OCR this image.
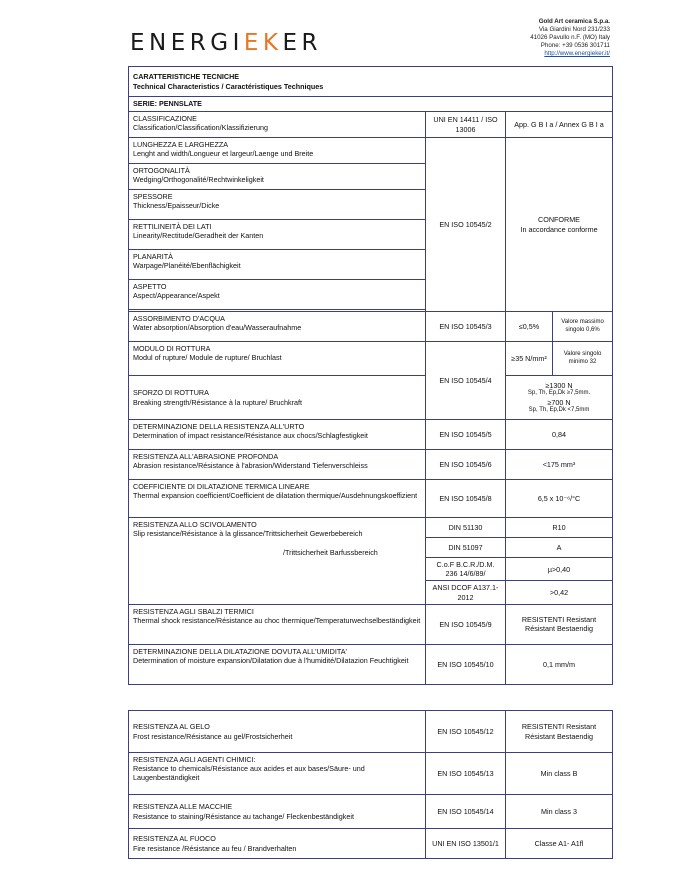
ENERGIEKER
Gold Art ceramica S.p.a.
Via Giardini Nord 231/233
41026 Pavullo n.F. (MO) Italy
Phone: +39 0536 301711
http://www.energieker.it/
CARATTERISTICHE TECNICHE
Technical Characteristics / Caractéristiques Techniques			

SERIE: PENNSLATE			

CLASSIFICAZIONE
Classification/Classification/Klassifizierung	UNI EN 14411 / ISO 13006	App. G B I a / Annex G B I a	

LUNGHEZZA E LARGHEZZA
Lenght and width/Longueur et largeur/Laenge und Breite	EN ISO 10545/2	CONFORME
In accordance conforme	

ORTOGONALITÀ
Wedging/Orthogonalité/Rechtwinkeligkeit			

SPESSORE
Thickness/Epaisseur/Dicke			

RETTILINEITÀ DEI LATI
Linearity/Rectitude/Geradheit der Kanten			

PLANARITÀ
Warpage/Planéité/Ebenflächigkeit			

ASPETTO
Aspect/Appearance/Aspekt			

ASSORBIMENTO D'ACQUA
Water absorption/Absorption d'eau/Wasseraufnahme	EN ISO 10545/3	≤0,5%	Valore massimo singolo 0,6%

MODULO DI ROTTURA
Modul of rupture/ Module de rupture/ Bruchlast	EN ISO 10545/4	≥35 N/mm²	Valore singolo minimo 32

SFORZO DI ROTTURA
Breaking strength/Résistance à la rupture/ Bruchkraft		≥1300 N
Sp, Th, Ep,Dk ≥7,5mm.
≥700 N
Sp, Th, Ep,Dk <7,5mm	

DETERMINAZIONE DELLA RESISTENZA ALL'URTO
Determination of impact resistance/Résistance aux chocs/Schlagfestigkeit	EN ISO 10545/5	0,84	

RESISTENZA ALL'ABRASIONE PROFONDA
Abrasion resistance/Résistance à l'abrasion/Widerstand Tiefenverschleiss	EN ISO 10545/6	<175 mm³	

COEFFICIENTE DI DILATAZIONE TERMICA LINEARE
Thermal expansion coefficient/Coefficient de dilatation thermique/Ausdehnungskoeffizient	EN ISO 10545/8	6,5 x 10⁻⁶/°C	

RESISTENZA ALLO SCIVOLAMENTO
Slip resistance/Résistance à la glissance/Trittsicherheit Gewerbebereich
/Trittsicherheit Barfussbereich	DIN 51130	R10	
	DIN 51097	A	
	C.o.F B.C.R./D.M. 236 14/6/89/	µ>0,40	
	ANSI DCOF A137.1-2012	>0,42	

RESISTENZA AGLI SBALZI TERMICI
Thermal shock resistance/Résistance au choc thermique/Temperaturwechselbeständigkeit	EN ISO 10545/9	RESISTENTI Resistant Résistant Bestaendig	

DETERMINAZIONE DELLA DILATAZIONE DOVUTA ALL'UMIDITA'
Determination of moisture expansion/Dilatation due à l'humidité/Dilatazion Feuchtigkeit	EN ISO 10545/10	0,1 mm/m	
RESISTENZA AL GELO
Frost resistance/Résistance au gel/Frostsicherheit	EN ISO 10545/12	RESISTENTI Resistant Résistant Bestaendig

RESISTENZA AGLI AGENTI CHIMICI:
Resistance to chemicals/Résistance aux acides et aux bases/Säure- und Laugenbeständigkeit	EN ISO 10545/13	Min class B

RESISTENZA ALLE MACCHIE
Resistance to staining/Résistance au tachange/ Fleckenbeständigkeit	EN ISO 10545/14	Min class 3

RESISTENZA AL FUOCO
Fire resistance /Résistance au feu / Brandverhalten	UNI EN ISO 13501/1	Classe A1- A1fl
